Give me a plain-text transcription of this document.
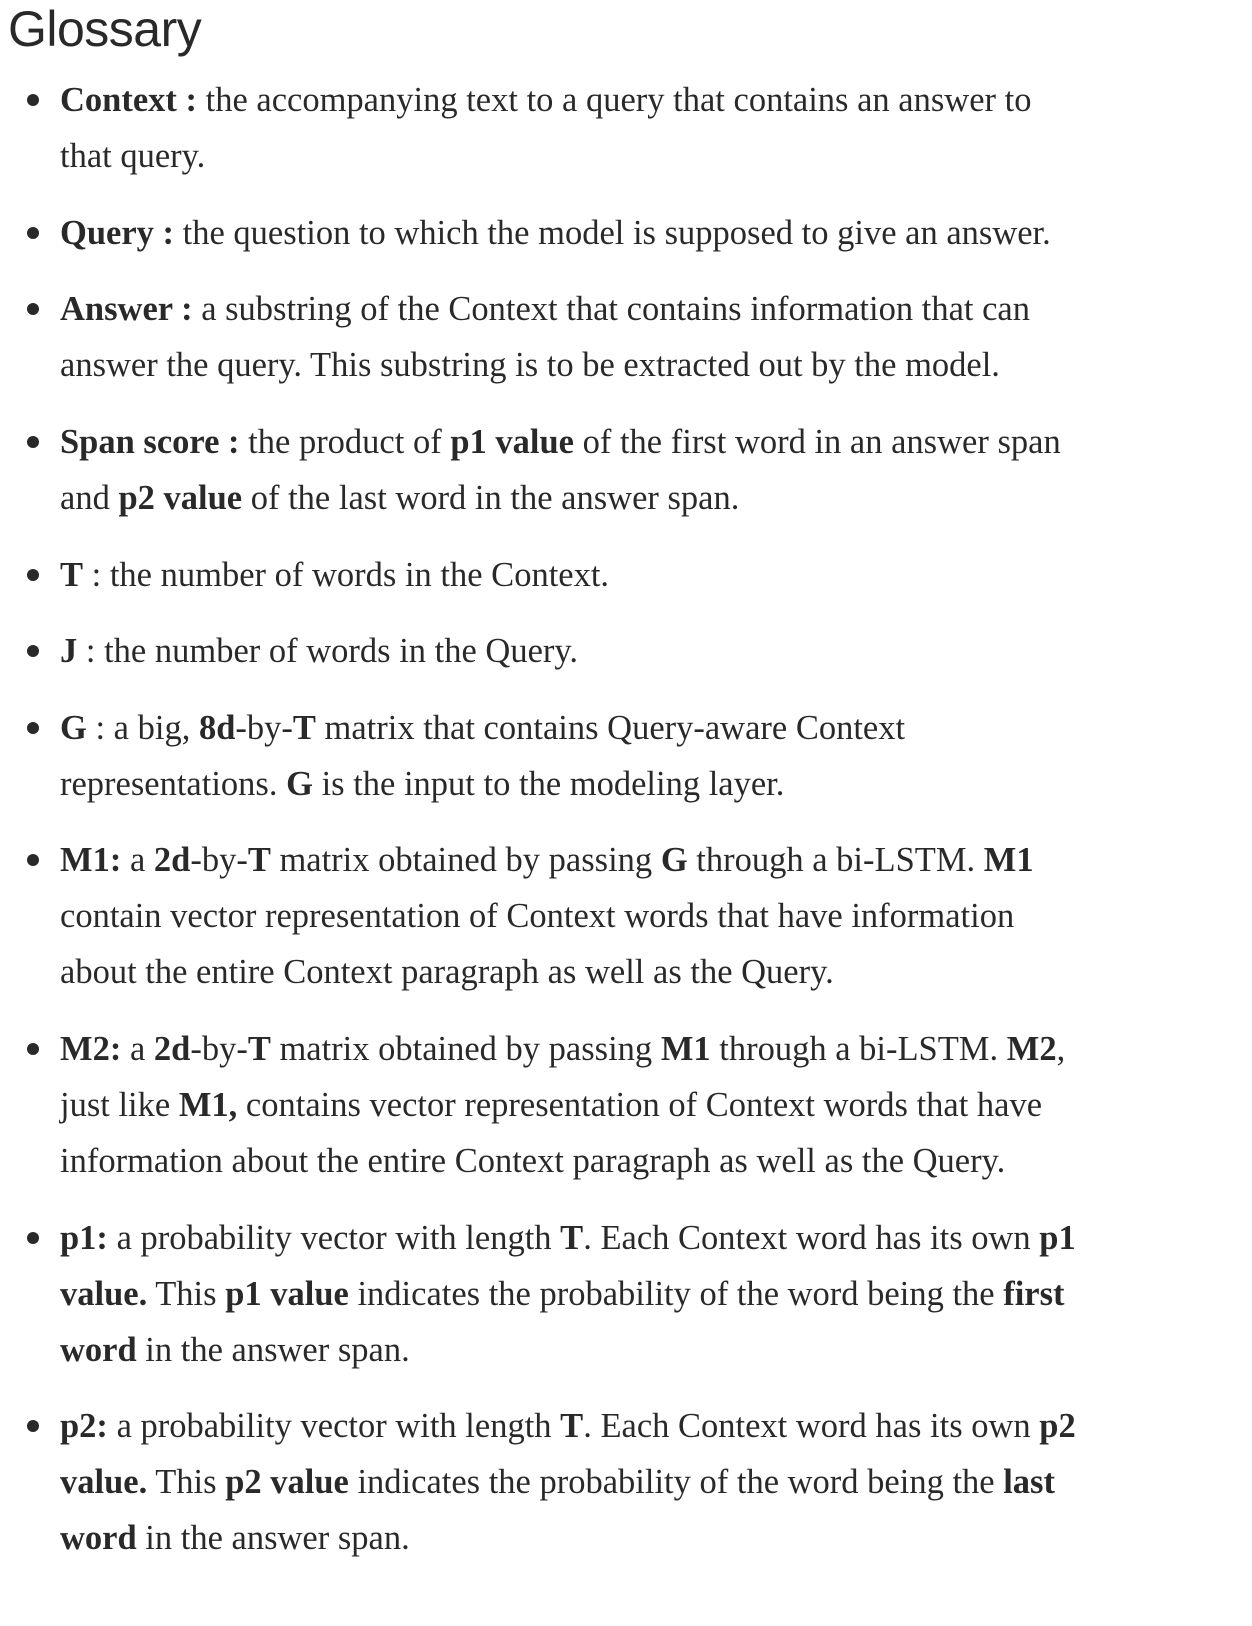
Glossary
Context : the accompanying text to a query that contains an answer to
that query.
Query : the question to which the model is supposed to give an answer.
Answer : a substring of the Context that contains information that can
answer the query. This substring is to be extracted out by the model.
Span score : the product of p1 value of the first word in an answer span
and p2 value of the last word in the answer span.
T : the number of words in the Context.
J : the number of words in the Query.
G : a big, 8d-by-T matrix that contains Query-aware Context
representations. G is the input to the modeling layer.
M1: a 2d-by-T matrix obtained by passing G through a bi-LSTM. M1
contain vector representation of Context words that have information
about the entire Context paragraph as well as the Query.
M2: a 2d-by-T matrix obtained by passing M1 through a bi-LSTM. M2,
just like M1, contains vector representation of Context words that have
information about the entire Context paragraph as well as the Query.
p1: a probability vector with length T. Each Context word has its own p1
value. This p1 value indicates the probability of the word being the first
word in the answer span.
p2: a probability vector with length T. Each Context word has its own p2
value. This p2 value indicates the probability of the word being the last
word in the answer span.
